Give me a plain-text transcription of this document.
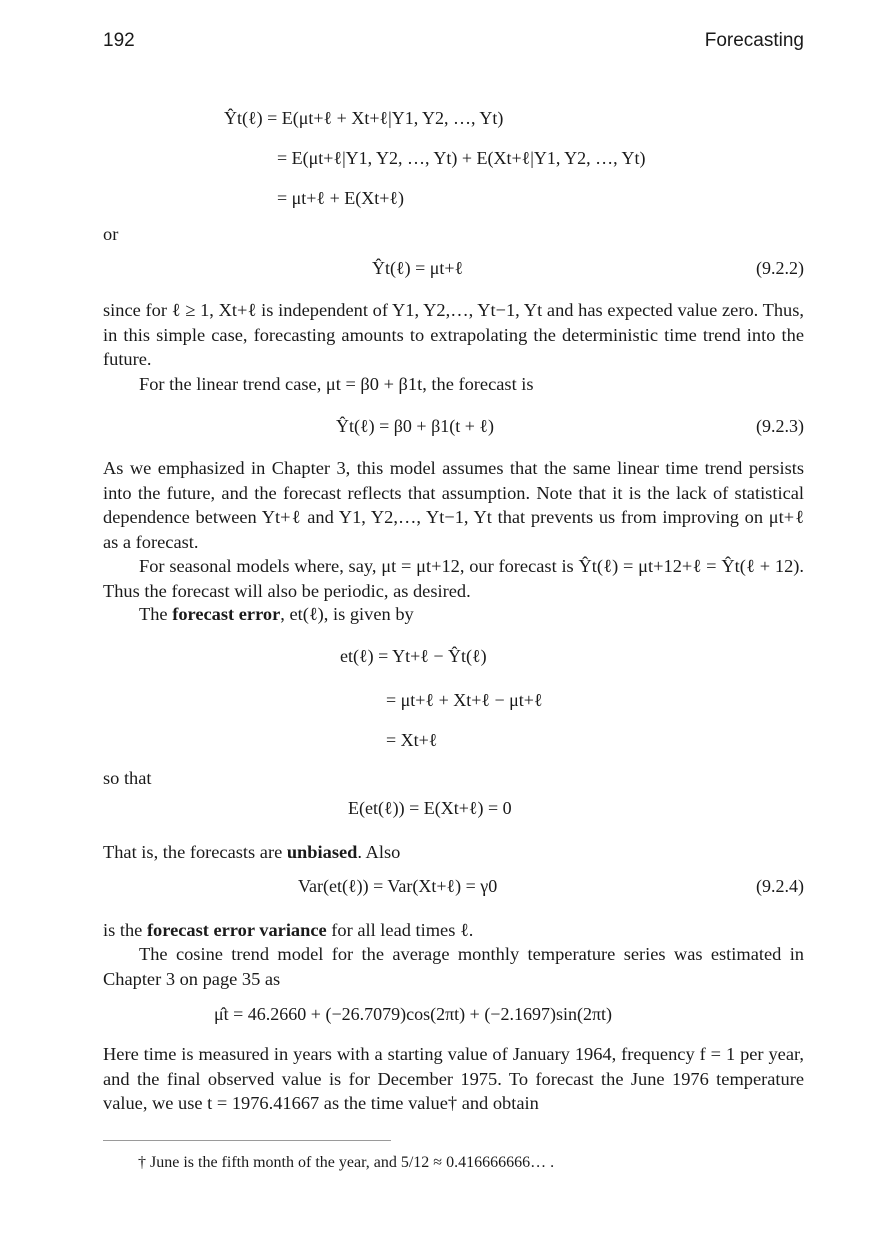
192	Forecasting
Ŷt(ℓ) = E(μt+ℓ + Xt+ℓ|Y1, Y2, …, Yt)
= E(μt+ℓ|Y1, Y2, …, Yt) + E(Xt+ℓ|Y1, Y2, …, Yt)
= μt+ℓ + E(Xt+ℓ)
or
Ŷt(ℓ) = μt+ℓ	(9.2.2)
since for ℓ ≥ 1, Xt+ℓ is independent of Y1, Y2,…, Yt−1, Yt and has expected value zero. Thus, in this simple case, forecasting amounts to extrapolating the deterministic time trend into the future.
For the linear trend case, μt = β0 + β1t, the forecast is
Ŷt(ℓ) = β0 + β1(t + ℓ)	(9.2.3)
As we emphasized in Chapter 3, this model assumes that the same linear time trend persists into the future, and the forecast reflects that assumption. Note that it is the lack of statistical dependence between Yt+ℓ and Y1, Y2,…, Yt−1, Yt that prevents us from improving on μt+ℓ as a forecast.
For seasonal models where, say, μt = μt+12, our forecast is Ŷt(ℓ) = μt+12+ℓ = Ŷt(ℓ + 12). Thus the forecast will also be periodic, as desired.
The forecast error, et(ℓ), is given by
et(ℓ) = Yt+ℓ − Ŷt(ℓ)
= μt+ℓ + Xt+ℓ − μt+ℓ
= Xt+ℓ
so that
E(et(ℓ)) = E(Xt+ℓ) = 0
That is, the forecasts are unbiased. Also
Var(et(ℓ)) = Var(Xt+ℓ) = γ0	(9.2.4)
is the forecast error variance for all lead times ℓ.
The cosine trend model for the average monthly temperature series was estimated in Chapter 3 on page 35 as
μ̂t = 46.2660 + (−26.7079)cos(2πt) + (−2.1697)sin(2πt)
Here time is measured in years with a starting value of January 1964, frequency f = 1 per year, and the final observed value is for December 1975. To forecast the June 1976 temperature value, we use t = 1976.41667 as the time value† and obtain
† June is the fifth month of the year, and 5/12 ≈ 0.416666666… .
